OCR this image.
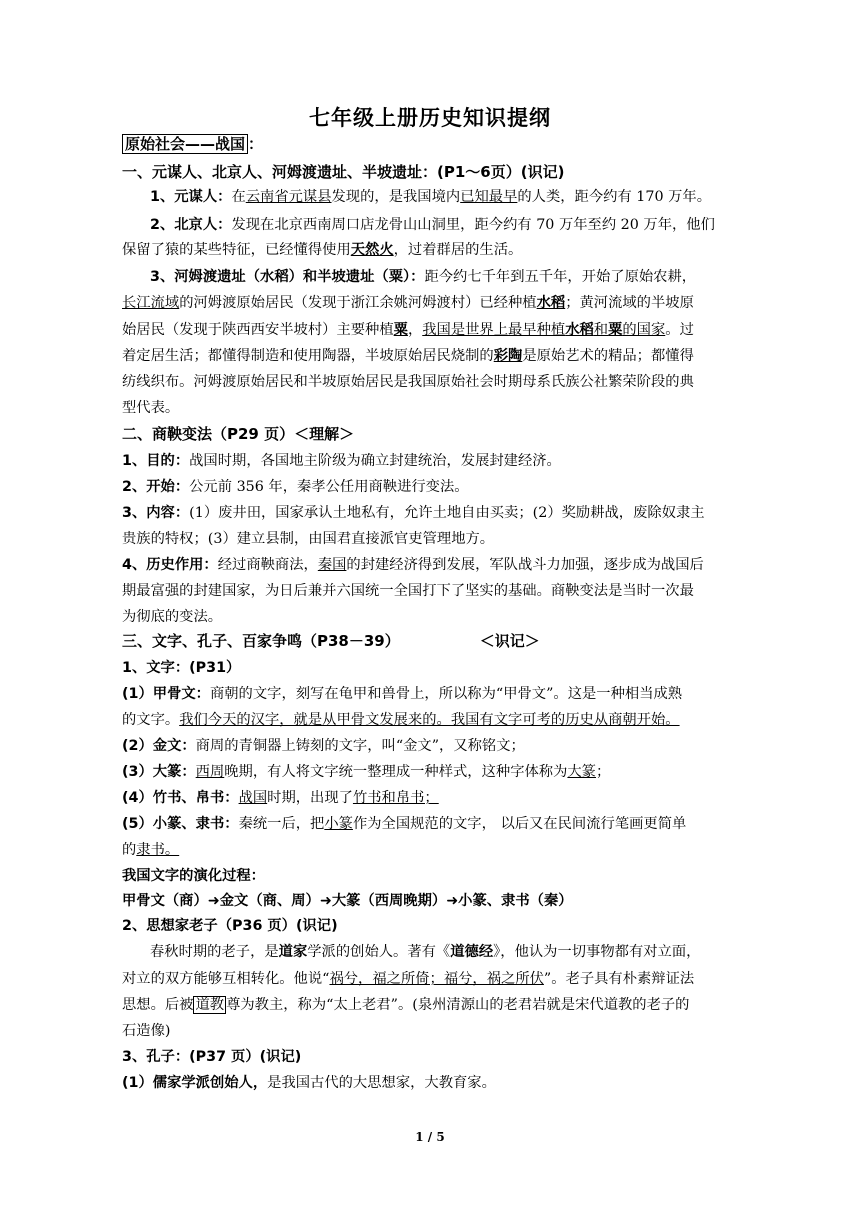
七年级上册历史知识提纲
原始社会——战国 ：
一、元谋人、北京人、河姆渡遗址、半坡遗址：(P1～6页）(识记)
1、元谋人：在云南省元谋县发现的，是我国境内已知最早的人类，距今约有 170 万年。
2、北京人：发现在北京西南周口店龙骨山山洞里，距今约有 70 万年至约 20 万年，他们
保留了猿的某些特征，已经懂得使用天然火，过着群居的生活。
3、河姆渡遗址（水稻）和半坡遗址（粟）：距今约七千年到五千年，开始了原始农耕，
长江流域的河姆渡原始居民（发现于浙江余姚河姆渡村）已经种植水稻；黄河流域的半坡原
始居民（发现于陕西西安半坡村）主要种植粟，我国是世界上最早种植水稻和粟的国家。过
着定居生活；都懂得制造和使用陶器，半坡原始居民烧制的彩陶是原始艺术的精品；都懂得
纺线织布。河姆渡原始居民和半坡原始居民是我国原始社会时期母系氏族公社繁荣阶段的典
型代表。
二、商鞅变法（P29 页）＜理解＞
1、目的：战国时期，各国地主阶级为确立封建统治，发展封建经济。
2、开始：公元前 356 年，秦孝公任用商鞅进行变法。
3、内容：(1）废井田，国家承认土地私有，允许土地自由买卖；(2）奖励耕战，废除奴隶主
贵族的特权；(3）建立县制，由国君直接派官吏管理地方。
4、历史作用：经过商鞅商法，秦国的封建经济得到发展，军队战斗力加强，逐步成为战国后
期最富强的封建国家，为日后兼并六国统一全国打下了坚实的基础。商鞅变法是当时一次最
为彻底的变法。
三、文字、孔子、百家争鸣（P38－39）	＜识记＞
1、文字：(P31）
(1）甲骨文：商朝的文字，刻写在龟甲和兽骨上，所以称为“甲骨文”。这是一种相当成熟
的文字。我们今天的汉字，就是从甲骨文发展来的。我国有文字可考的历史从商朝开始。
(2）金文：商周的青铜器上铸刻的文字，叫“金文”，又称铭文；
(3）大篆：西周晚期，有人将文字统一整理成一种样式，这种字体称为大篆；
(4）竹书、帛书：战国时期，出现了竹书和帛书；
(5）小篆、隶书：秦统一后，把小篆作为全国规范的文字， 以后又在民间流行笔画更简单
的隶书。
我国文字的演化过程：
甲骨文（商）➜金文（商、周）➜大篆（西周晚期）➜小篆、隶书（秦）
2、思想家老子（P36 页）(识记)
春秋时期的老子，是道家学派的创始人。著有《道德经》，他认为一切事物都有对立面，
对立的双方能够互相转化。他说“祸兮，福之所倚；福兮，祸之所伏”。老子具有朴素辩证法
思想。后被 道教 尊为教主，称为“太上老君”。(泉州清源山的老君岩就是宋代道教的老子的
石造像)
3、孔子：(P37 页）(识记)
(1）儒家学派创始人，是我国古代的大思想家，大教育家。
1 / 5
